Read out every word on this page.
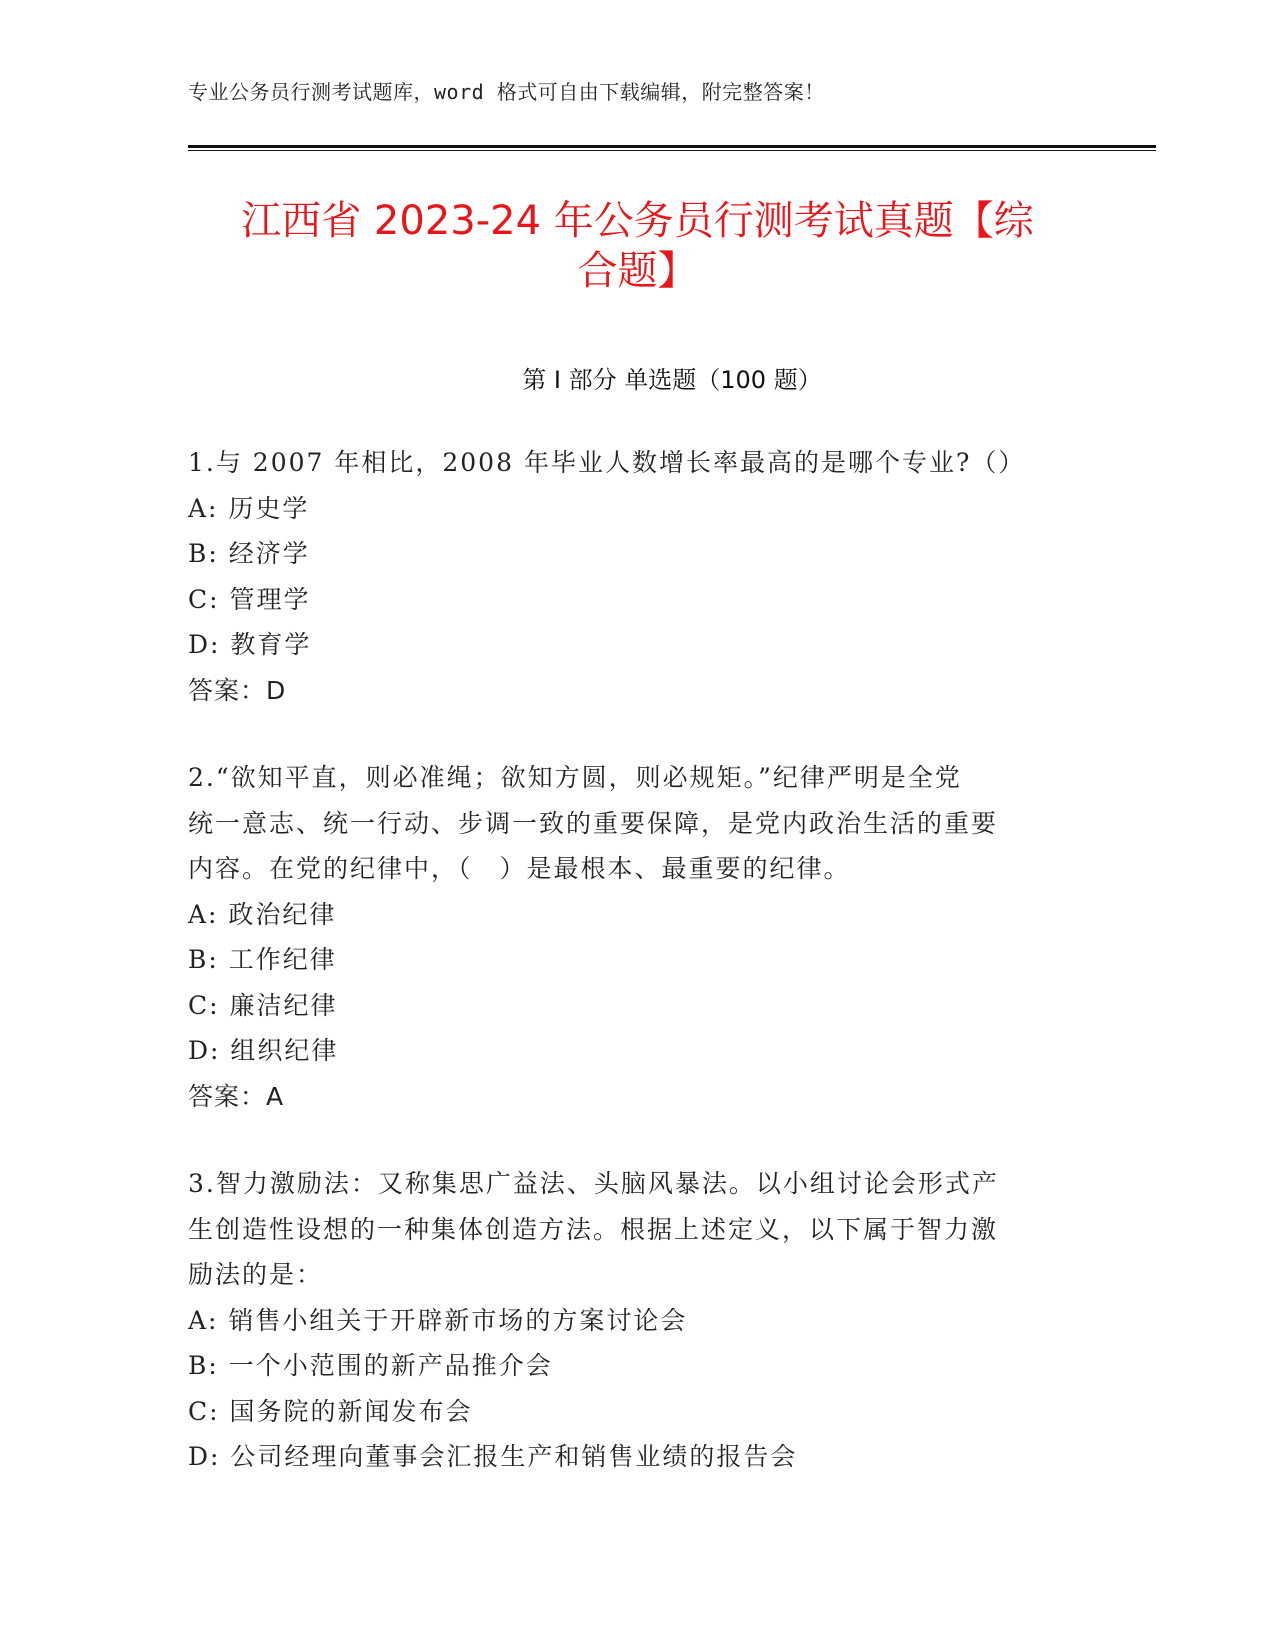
专业公务员行测考试题库，word 格式可自由下载编辑，附完整答案！
江西省 2023-24 年公务员行测考试真题【综
合题】
第 I 部分 单选题（100 题）
1.与 2007 年相比，2008 年毕业人数增长率最高的是哪个专业?（）
A: 历史学
B: 经济学
C: 管理学
D: 教育学
答案：D
2.“欲知平直，则必准绳；欲知方圆，则必规矩。”纪律严明是全党
统一意志、统一行动、步调一致的重要保障，是党内政治生活的重要
内容。在党的纪律中，（　）是最根本、最重要的纪律。
A: 政治纪律
B: 工作纪律
C: 廉洁纪律
D: 组织纪律
答案：A
3.智力激励法：又称集思广益法、头脑风暴法。以小组讨论会形式产
生创造性设想的一种集体创造方法。根据上述定义，以下属于智力激
励法的是：
A: 销售小组关于开辟新市场的方案讨论会
B: 一个小范围的新产品推介会
C: 国务院的新闻发布会
D: 公司经理向董事会汇报生产和销售业绩的报告会
